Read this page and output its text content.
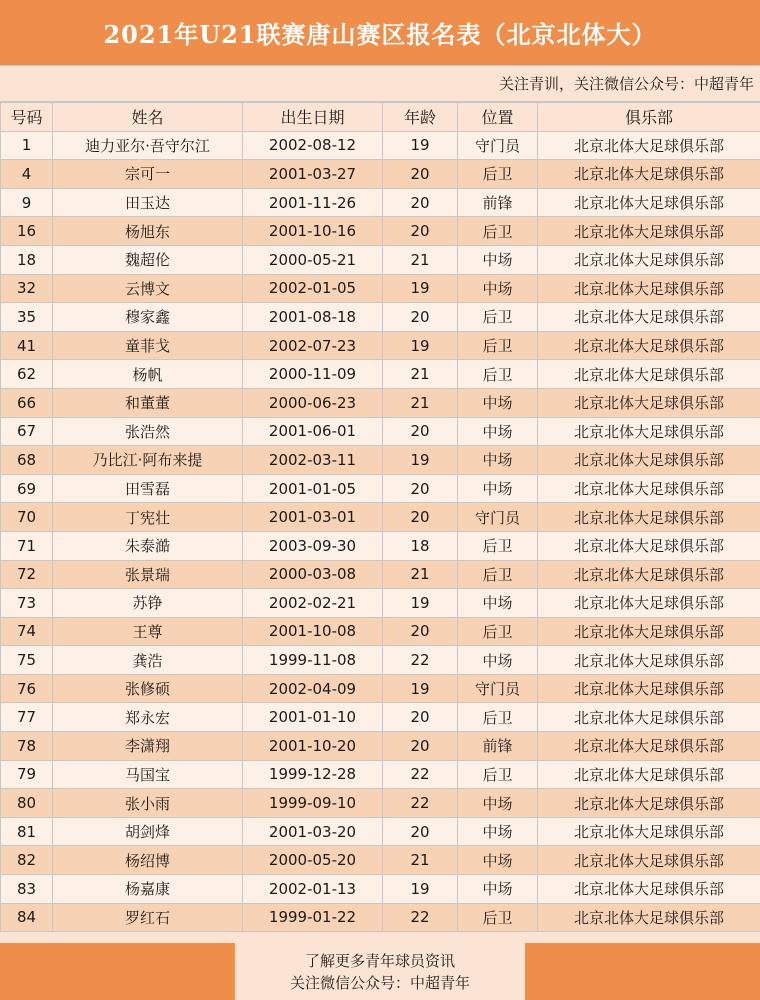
2021年U21联赛唐山赛区报名表（北京北体大）
关注青训，关注微信公众号：中超青年
号码	姓名	出生日期	年龄	位置	俱乐部
1	迪力亚尔·吾守尔江	2002-08-12	19	守门员	北京北体大足球俱乐部
4	宗可一	2001-03-27	20	后卫	北京北体大足球俱乐部
9	田玉达	2001-11-26	20	前锋	北京北体大足球俱乐部
16	杨旭东	2001-10-16	20	后卫	北京北体大足球俱乐部
18	魏超伦	2000-05-21	21	中场	北京北体大足球俱乐部
32	云博文	2002-01-05	19	中场	北京北体大足球俱乐部
35	穆家鑫	2001-08-18	20	后卫	北京北体大足球俱乐部
41	童菲戈	2002-07-23	19	后卫	北京北体大足球俱乐部
62	杨帆	2000-11-09	21	后卫	北京北体大足球俱乐部
66	和董董	2000-06-23	21	中场	北京北体大足球俱乐部
67	张浩然	2001-06-01	20	中场	北京北体大足球俱乐部
68	乃比江·阿布来提	2002-03-11	19	中场	北京北体大足球俱乐部
69	田雪磊	2001-01-05	20	中场	北京北体大足球俱乐部
70	丁宪壮	2001-03-01	20	守门员	北京北体大足球俱乐部
71	朱泰澔	2003-09-30	18	后卫	北京北体大足球俱乐部
72	张景瑞	2000-03-08	21	后卫	北京北体大足球俱乐部
73	苏铮	2002-02-21	19	中场	北京北体大足球俱乐部
74	王尊	2001-10-08	20	后卫	北京北体大足球俱乐部
75	龚浩	1999-11-08	22	中场	北京北体大足球俱乐部
76	张修硕	2002-04-09	19	守门员	北京北体大足球俱乐部
77	郑永宏	2001-01-10	20	后卫	北京北体大足球俱乐部
78	李潇翔	2001-10-20	20	前锋	北京北体大足球俱乐部
79	马国宝	1999-12-28	22	后卫	北京北体大足球俱乐部
80	张小雨	1999-09-10	22	中场	北京北体大足球俱乐部
81	胡剑烽	2001-03-20	20	中场	北京北体大足球俱乐部
82	杨绍博	2000-05-20	21	中场	北京北体大足球俱乐部
83	杨嘉康	2002-01-13	19	中场	北京北体大足球俱乐部
84	罗红石	1999-01-22	22	后卫	北京北体大足球俱乐部
了解更多青年球员资讯
关注微信公众号：中超青年
